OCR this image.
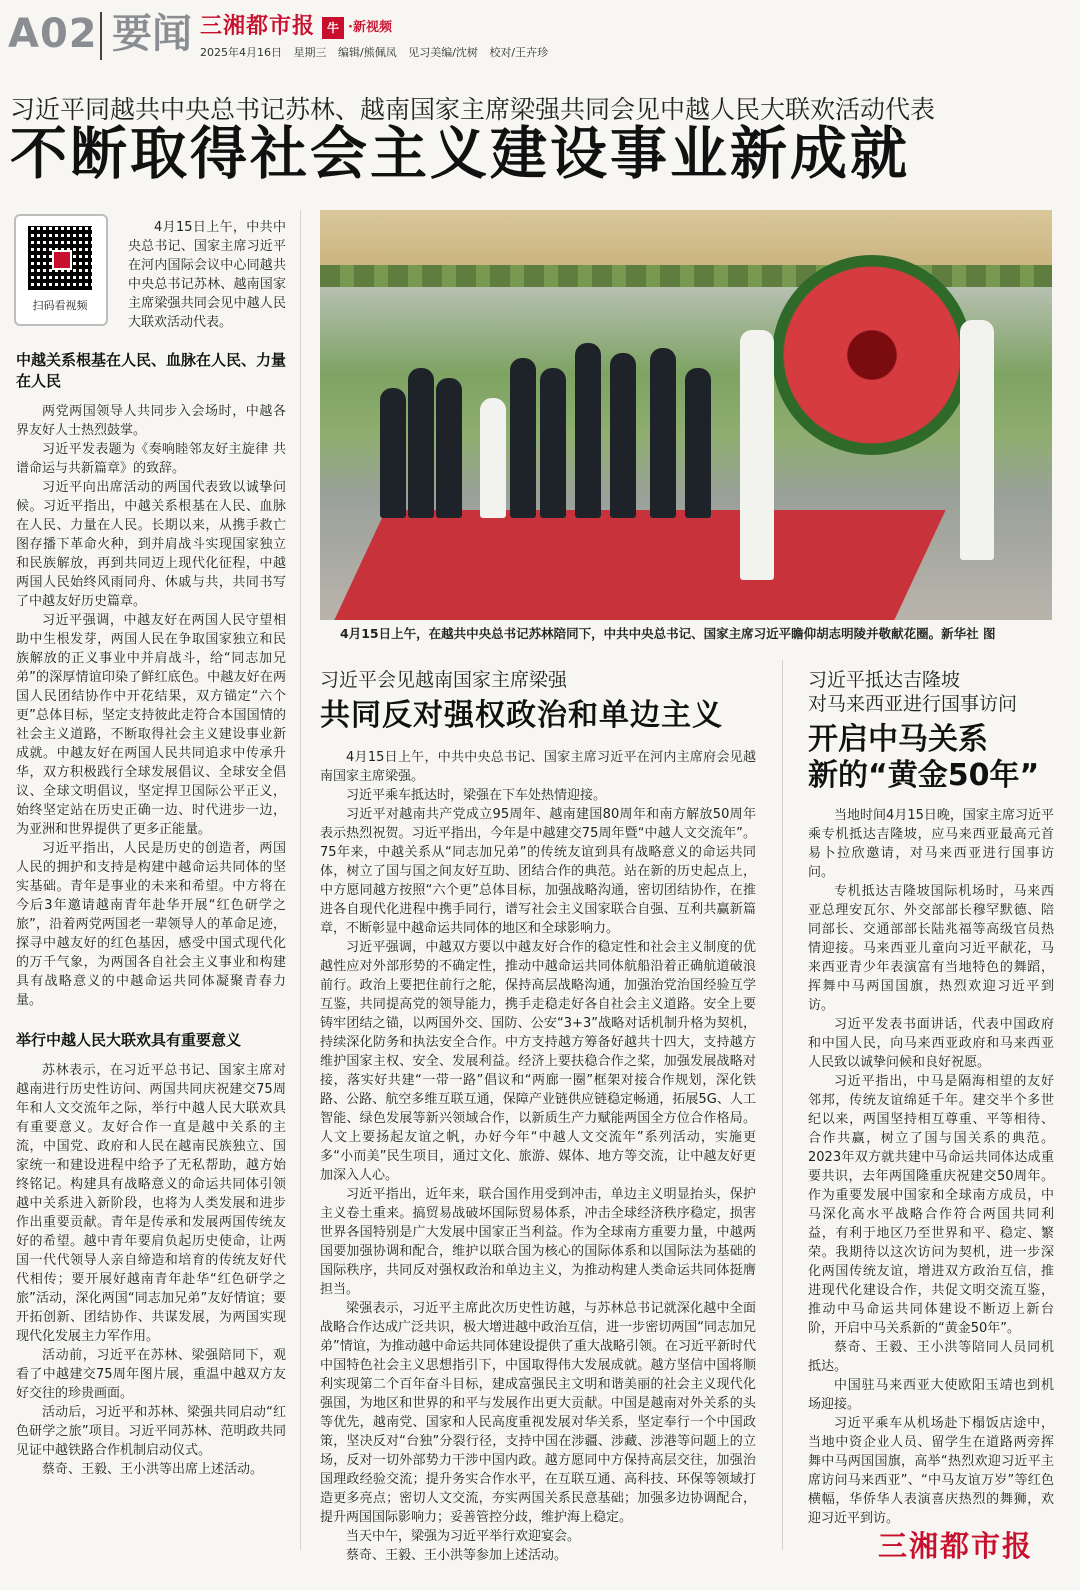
A02 要闻 三湘都市报 牛 ·新视频
2025年4月16日 星期三 编辑/熊佩凤 见习美编/沈树 校对/王卉珍
习近平同越共中央总书记苏林、越南国家主席梁强共同会见中越人民大联欢活动代表
不断取得社会主义建设事业新成就
扫码看视频

4月15日上午，中共中央总书记、国家主席习近平在河内国际会议中心同越共中央总书记苏林、越南国家主席梁强共同会见中越人民大联欢活动代表。

中越关系根基在人民、血脉在人民、力量在人民

两党两国领导人共同步入会场时，中越各界友好人士热烈鼓掌。

习近平发表题为《奏响睦邻友好主旋律 共谱命运与共新篇章》的致辞。

习近平向出席活动的两国代表致以诚挚问候。习近平指出，中越关系根基在人民、血脉在人民、力量在人民。长期以来，从携手救亡图存播下革命火种，到并肩战斗实现国家独立和民族解放，再到共同迈上现代化征程，中越两国人民始终风雨同舟、休戚与共，共同书写了中越友好历史篇章。

习近平强调，中越友好在两国人民守望相助中生根发芽，两国人民在争取国家独立和民族解放的正义事业中并肩战斗，给“同志加兄弟”的深厚情谊印染了鲜红底色。中越友好在两国人民团结协作中开花结果，双方锚定“六个更”总体目标，坚定支持彼此走符合本国国情的社会主义道路，不断取得社会主义建设事业新成就。中越友好在两国人民共同追求中传承升华，双方积极践行全球发展倡议、全球安全倡议、全球文明倡议，坚定捍卫国际公平正义，始终坚定站在历史正确一边、时代进步一边，为亚洲和世界提供了更多正能量。

习近平指出，人民是历史的创造者，两国人民的拥护和支持是构建中越命运共同体的坚实基础。青年是事业的未来和希望。中方将在今后3年邀请越南青年赴华开展“红色研学之旅”，沿着两党两国老一辈领导人的革命足迹，探寻中越友好的红色基因，感受中国式现代化的万千气象，为两国各自社会主义事业和构建具有战略意义的中越命运共同体凝聚青春力量。

举行中越人民大联欢具有重要意义

苏林表示，在习近平总书记、国家主席对越南进行历史性访问、两国共同庆祝建交75周年和人文交流年之际，举行中越人民大联欢具有重要意义。友好合作一直是越中关系的主流，中国党、政府和人民在越南民族独立、国家统一和建设进程中给予了无私帮助，越方始终铭记。构建具有战略意义的命运共同体引领越中关系进入新阶段，也将为人类发展和进步作出重要贡献。青年是传承和发展两国传统友好的希望。越中青年要肩负起历史使命，让两国一代代领导人亲自缔造和培育的传统友好代代相传；要开展好越南青年赴华“红色研学之旅”活动，深化两国“同志加兄弟”友好情谊；要开拓创新、团结协作、共谋发展，为两国实现现代化发展主力军作用。

活动前，习近平在苏林、梁强陪同下，观看了中越建交75周年图片展，重温中越双方友好交往的珍贵画面。

活动后，习近平和苏林、梁强共同启动“红色研学之旅”项目。习近平同苏林、范明政共同见证中越铁路合作机制启动仪式。

蔡奇、王毅、王小洪等出席上述活动。

4月15日上午，在越共中央总书记苏林陪同下，中共中央总书记、国家主席习近平瞻仰胡志明陵并敬献花圈。新华社 图
习近平会见越南国家主席梁强
共同反对强权政治和单边主义

4月15日上午，中共中央总书记、国家主席习近平在河内主席府会见越南国家主席梁强。

习近平乘车抵达时，梁强在下车处热情迎接。

习近平对越南共产党成立95周年、越南建国80周年和南方解放50周年表示热烈祝贺。习近平指出，今年是中越建交75周年暨“中越人文交流年”。75年来，中越关系从“同志加兄弟”的传统友谊到具有战略意义的命运共同体，树立了国与国之间友好互助、团结合作的典范。站在新的历史起点上，中方愿同越方按照“六个更”总体目标，加强战略沟通，密切团结协作，在推进各自现代化进程中携手同行，谱写社会主义国家联合自强、互利共赢新篇章，不断彰显中越命运共同体的地区和全球影响力。

习近平强调，中越双方要以中越友好合作的稳定性和社会主义制度的优越性应对外部形势的不确定性，推动中越命运共同体航船沿着正确航道破浪前行。政治上要把住前行之舵，保持高层战略沟通，加强治党治国经验互学互鉴，共同提高党的领导能力，携手走稳走好各自社会主义道路。安全上要铸牢团结之锚，以两国外交、国防、公安“3+3”战略对话机制升格为契机，持续深化防务和执法安全合作。中方支持越方筹备好越共十四大，支持越方维护国家主权、安全、发展利益。经济上要扶稳合作之桨，加强发展战略对接，落实好共建“一带一路”倡议和“两廊一圈”框架对接合作规划，深化铁路、公路、航空多维互联互通，保障产业链供应链稳定畅通，拓展5G、人工智能、绿色发展等新兴领域合作，以新质生产力赋能两国全方位合作格局。人文上要扬起友谊之帆，办好今年“中越人文交流年”系列活动，实施更多“小而美”民生项目，通过文化、旅游、媒体、地方等交流，让中越友好更加深入人心。

习近平指出，近年来，联合国作用受到冲击，单边主义明显抬头，保护主义卷土重来。搞贸易战破坏国际贸易体系，冲击全球经济秩序稳定，损害世界各国特别是广大发展中国家正当利益。作为全球南方重要力量，中越两国要加强协调和配合，维护以联合国为核心的国际体系和以国际法为基础的国际秩序，共同反对强权政治和单边主义，为推动构建人类命运共同体挺膺担当。

梁强表示，习近平主席此次历史性访越，与苏林总书记就深化越中全面战略合作达成广泛共识，极大增进越中政治互信，进一步密切两国“同志加兄弟”情谊，为推动越中命运共同体建设提供了重大战略引领。在习近平新时代中国特色社会主义思想指引下，中国取得伟大发展成就。越方坚信中国将顺利实现第二个百年奋斗目标，建成富强民主文明和谐美丽的社会主义现代化强国，为地区和世界的和平与发展作出更大贡献。中国是越南对外关系的头等优先，越南党、国家和人民高度重视发展对华关系，坚定奉行一个中国政策，坚决反对“台独”分裂行径，支持中国在涉疆、涉藏、涉港等问题上的立场，反对一切外部势力干涉中国内政。越方愿同中方保持高层交往，加强治国理政经验交流；提升务实合作水平，在互联互通、高科技、环保等领域打造更多亮点；密切人文交流，夯实两国关系民意基础；加强多边协调配合，提升两国国际影响力；妥善管控分歧，维护海上稳定。

当天中午，梁强为习近平举行欢迎宴会。

蔡奇、王毅、王小洪等参加上述活动。

习近平抵达吉隆坡
对马来西亚进行国事访问
开启中马关系
新的“黄金50年”

当地时间4月15日晚，国家主席习近平乘专机抵达吉隆坡，应马来西亚最高元首易卜拉欣邀请，对马来西亚进行国事访问。

专机抵达吉隆坡国际机场时，马来西亚总理安瓦尔、外交部部长穆罕默德、陪同部长、交通部部长陆兆福等高级官员热情迎接。马来西亚儿童向习近平献花，马来西亚青少年表演富有当地特色的舞蹈，挥舞中马两国国旗，热烈欢迎习近平到访。

习近平发表书面讲话，代表中国政府和中国人民，向马来西亚政府和马来西亚人民致以诚挚问候和良好祝愿。

习近平指出，中马是隔海相望的友好邻邦，传统友谊绵延千年。建交半个多世纪以来，两国坚持相互尊重、平等相待、合作共赢，树立了国与国关系的典范。2023年双方就共建中马命运共同体达成重要共识，去年两国隆重庆祝建交50周年。作为重要发展中国家和全球南方成员，中马深化高水平战略合作符合两国共同利益，有利于地区乃至世界和平、稳定、繁荣。我期待以这次访问为契机，进一步深化两国传统友谊，增进双方政治互信，推进现代化建设合作，共促文明交流互鉴，推动中马命运共同体建设不断迈上新台阶，开启中马关系新的“黄金50年”。

蔡奇、王毅、王小洪等陪同人员同机抵达。

中国驻马来西亚大使欧阳玉靖也到机场迎接。

习近平乘车从机场赴下榻饭店途中，当地中资企业人员、留学生在道路两旁挥舞中马两国国旗，高举“热烈欢迎习近平主席访问马来西亚”、“中马友谊万岁”等红色横幅，华侨华人表演喜庆热烈的舞狮，欢迎习近平到访。

三湘都市报
